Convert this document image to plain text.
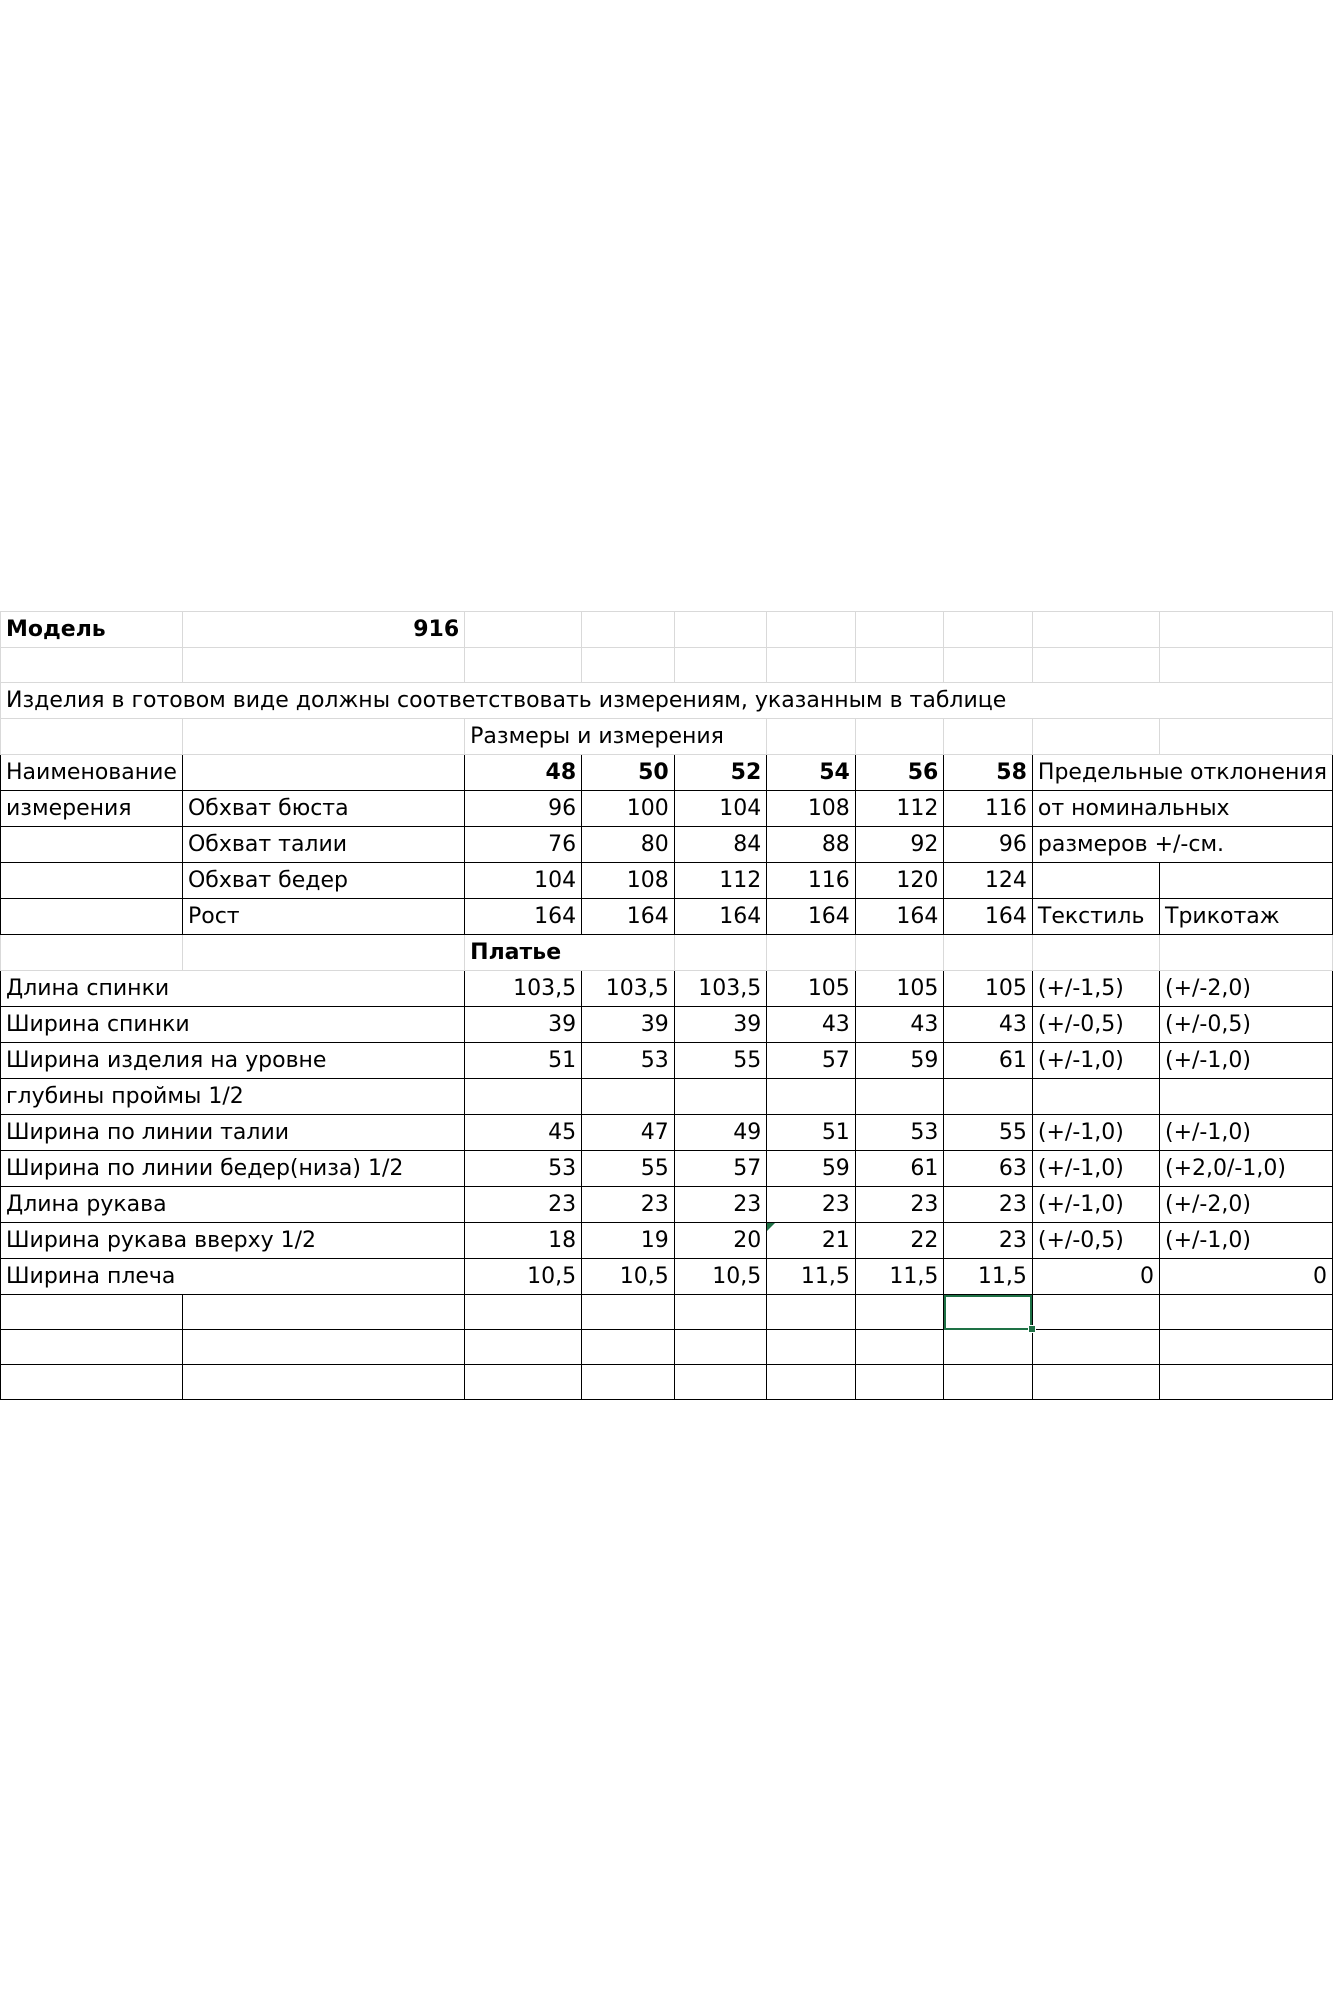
Модель	916								

Изделия в готовом виде должны соответствовать измерениям, указанным в таблице									
		Размеры и измерения							
Наименование		48	50	52	54	56	58	Предельные отклонения	
измерения	Обхват бюста	96	100	104	108	112	116	от номинальных	
	Обхват талии	76	80	84	88	92	96	размеров +/-см.	
	Обхват бедер	104	108	112	116	120	124		
	Рост	164	164	164	164	164	164	Текстиль	Трикотаж
		Платье							
Длина спинки		103,5	103,5	103,5	105	105	105	(+/-1,5)	(+/-2,0)
Ширина спинки		39	39	39	43	43	43	(+/-0,5)	(+/-0,5)
Ширина изделия на уровне		51	53	55	57	59	61	(+/-1,0)	(+/-1,0)
глубины проймы 1/2									
Ширина по линии талии		45	47	49	51	53	55	(+/-1,0)	(+/-1,0)
Ширина по линии бедер(низа) 1/2		53	55	57	59	61	63	(+/-1,0)	(+2,0/-1,0)
Длина рукава		23	23	23	23	23	23	(+/-1,0)	(+/-2,0)
Ширина рукава вверху 1/2		18	19	20	21	22	23	(+/-0,5)	(+/-1,0)
Ширина плеча		10,5	10,5	10,5	11,5	11,5	11,5	0	0
